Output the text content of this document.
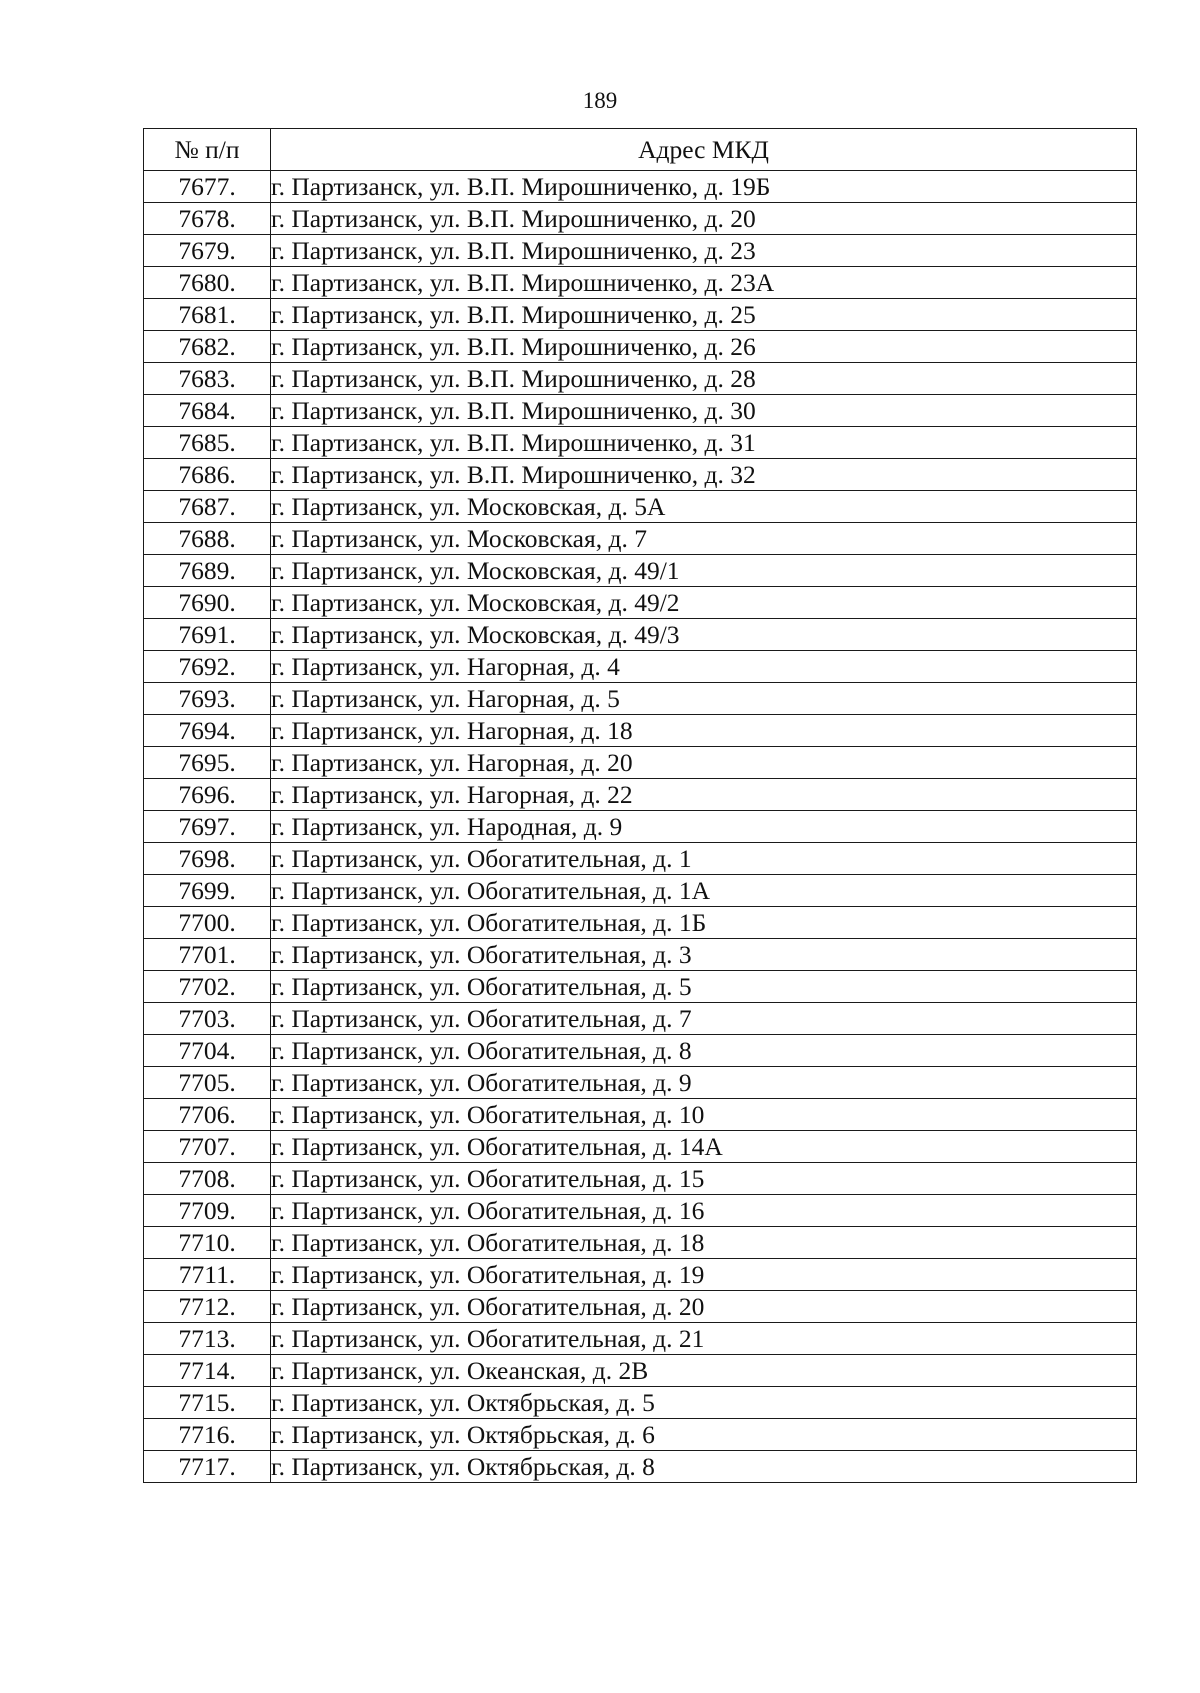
189
№ п/п	Адрес МКД
7677.	г. Партизанск, ул. В.П. Мирошниченко, д. 19Б
7678.	г. Партизанск, ул. В.П. Мирошниченко, д. 20
7679.	г. Партизанск, ул. В.П. Мирошниченко, д. 23
7680.	г. Партизанск, ул. В.П. Мирошниченко, д. 23А
7681.	г. Партизанск, ул. В.П. Мирошниченко, д. 25
7682.	г. Партизанск, ул. В.П. Мирошниченко, д. 26
7683.	г. Партизанск, ул. В.П. Мирошниченко, д. 28
7684.	г. Партизанск, ул. В.П. Мирошниченко, д. 30
7685.	г. Партизанск, ул. В.П. Мирошниченко, д. 31
7686.	г. Партизанск, ул. В.П. Мирошниченко, д. 32
7687.	г. Партизанск, ул. Московская, д. 5А
7688.	г. Партизанск, ул. Московская, д. 7
7689.	г. Партизанск, ул. Московская, д. 49/1
7690.	г. Партизанск, ул. Московская, д. 49/2
7691.	г. Партизанск, ул. Московская, д. 49/3
7692.	г. Партизанск, ул. Нагорная, д. 4
7693.	г. Партизанск, ул. Нагорная, д. 5
7694.	г. Партизанск, ул. Нагорная, д. 18
7695.	г. Партизанск, ул. Нагорная, д. 20
7696.	г. Партизанск, ул. Нагорная, д. 22
7697.	г. Партизанск, ул. Народная, д. 9
7698.	г. Партизанск, ул. Обогатительная, д. 1
7699.	г. Партизанск, ул. Обогатительная, д. 1А
7700.	г. Партизанск, ул. Обогатительная, д. 1Б
7701.	г. Партизанск, ул. Обогатительная, д. 3
7702.	г. Партизанск, ул. Обогатительная, д. 5
7703.	г. Партизанск, ул. Обогатительная, д. 7
7704.	г. Партизанск, ул. Обогатительная, д. 8
7705.	г. Партизанск, ул. Обогатительная, д. 9
7706.	г. Партизанск, ул. Обогатительная, д. 10
7707.	г. Партизанск, ул. Обогатительная, д. 14А
7708.	г. Партизанск, ул. Обогатительная, д. 15
7709.	г. Партизанск, ул. Обогатительная, д. 16
7710.	г. Партизанск, ул. Обогатительная, д. 18
7711.	г. Партизанск, ул. Обогатительная, д. 19
7712.	г. Партизанск, ул. Обогатительная, д. 20
7713.	г. Партизанск, ул. Обогатительная, д. 21
7714.	г. Партизанск, ул. Океанская, д. 2В
7715.	г. Партизанск, ул. Октябрьская, д. 5
7716.	г. Партизанск, ул. Октябрьская, д. 6
7717.	г. Партизанск, ул. Октябрьская, д. 8
